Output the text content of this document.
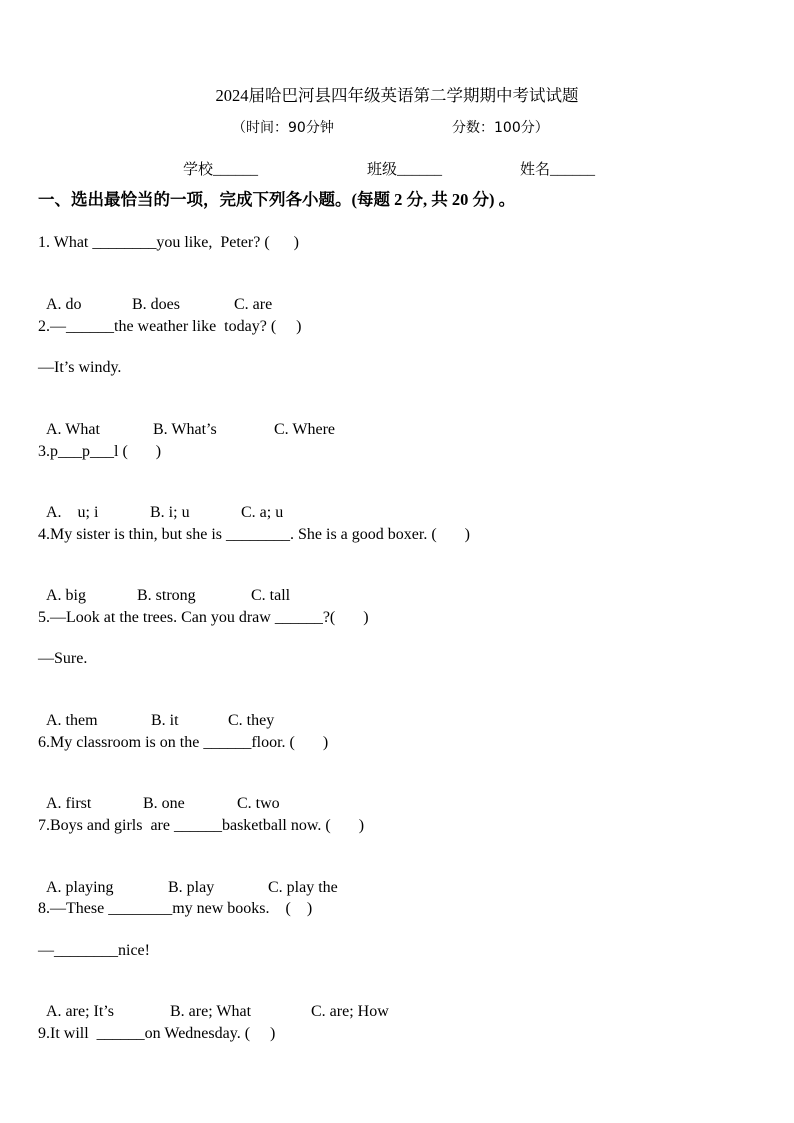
2024届哈巴河县四年级英语第二学期期中考试试题
（时间：90分钟	分数：100分）
学校______	班级______	姓名______
一、选出最恰当的一项，完成下列各小题。(每题 2 分, 共 20 分) 。
1. What ________you like,  Peter? (      )

A. do	B. does	C. are

2.—______the weather like  today? (     )
—It’s windy.

A. What	B. What’s	C. Where

3.p___p___l (       )

A.    u; i	B. i; u	C. a; u

4.My sister is thin, but she is ________. She is a good boxer. (       )

A. big	B. strong	C. tall

5.—Look at the trees. Can you draw ______?(       )
—Sure.

A. them	B. it	C. they

6.My classroom is on the ______floor. (       )

A. first	B. one	C. two

7.Boys and girls  are ______basketball now. (       )

A. playing	B. play	C. play the

8.—These ________my new books.    (    )
—________nice!

A. are; It’s	B. are; What	C. are; How

9.It will  ______on Wednesday. (     )
